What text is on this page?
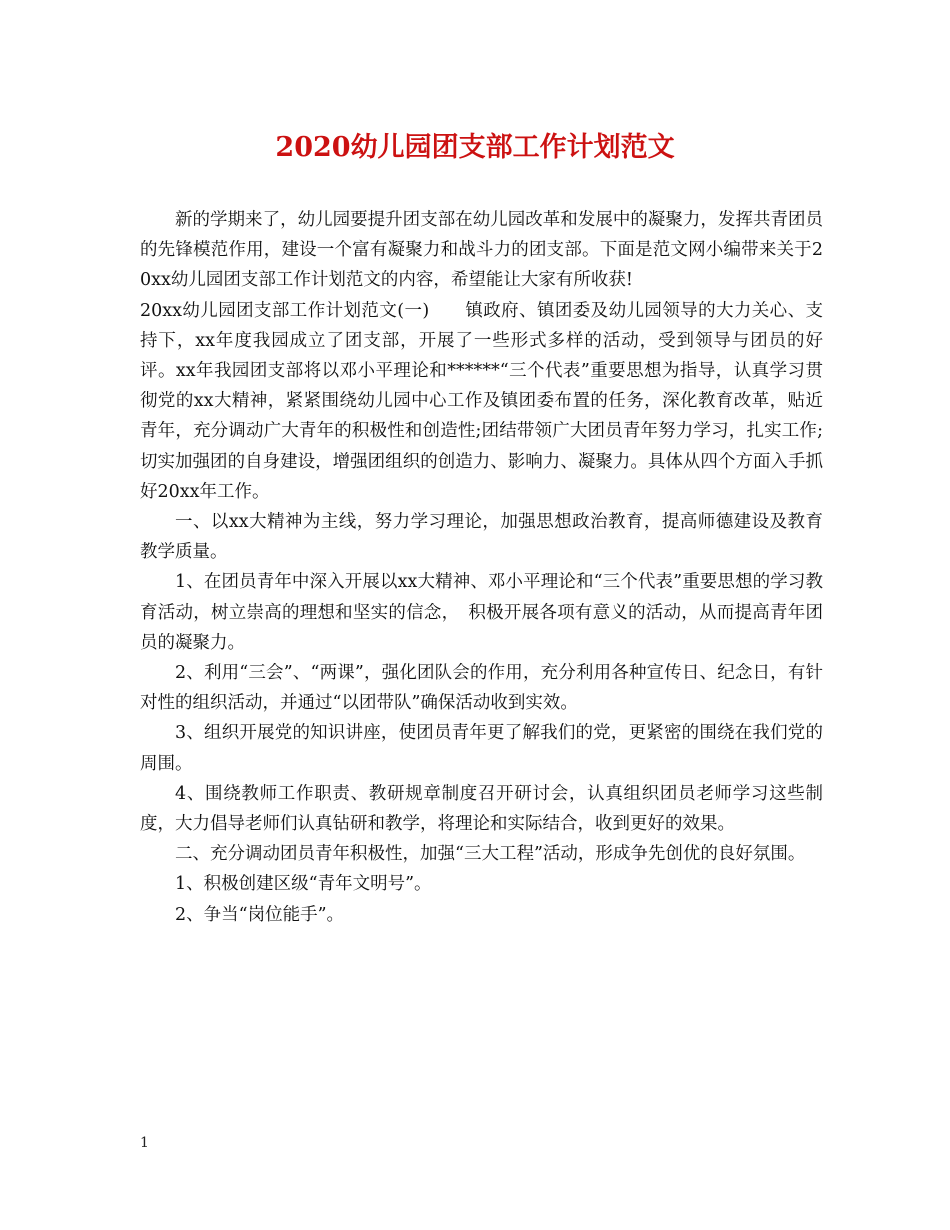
2020幼儿园团支部工作计划范文

新的学期来了，幼儿园要提升团支部在幼儿园改革和发展中的凝聚力，发挥共青团员的先锋模范作用，建设一个富有凝聚力和战斗力的团支部。下面是范文网小编带来关于20xx幼儿园团支部工作计划范文的内容，希望能让大家有所收获!

20xx幼儿园团支部工作计划范文(一)　　镇政府、镇团委及幼儿园领导的大力关心、支持下，xx年度我园成立了团支部，开展了一些形式多样的活动，受到领导与团员的好评。xx年我园团支部将以邓小平理论和******“三个代表”重要思想为指导，认真学习贯彻党的xx大精神，紧紧围绕幼儿园中心工作及镇团委布置的任务，深化教育改革，贴近青年，充分调动广大青年的积极性和创造性;团结带领广大团员青年努力学习，扎实工作;切实加强团的自身建设，增强团组织的创造力、影响力、凝聚力。具体从四个方面入手抓好20xx年工作。

一、以xx大精神为主线，努力学习理论，加强思想政治教育，提高师德建设及教育教学质量。

1、在团员青年中深入开展以xx大精神、邓小平理论和“三个代表”重要思想的学习教育活动，树立崇高的理想和坚实的信念，　积极开展各项有意义的活动，从而提高青年团员的凝聚力。

2、利用“三会”、“两课”，强化团队会的作用，充分利用各种宣传日、纪念日，有针对性的组织活动，并通过“以团带队”确保活动收到实效。

3、组织开展党的知识讲座，使团员青年更了解我们的党，更紧密的围绕在我们党的周围。

4、围绕教师工作职责、教研规章制度召开研讨会，认真组织团员老师学习这些制度，大力倡导老师们认真钻研和教学，将理论和实际结合，收到更好的效果。

二、充分调动团员青年积极性，加强“三大工程”活动，形成争先创优的良好氛围。

1、积极创建区级“青年文明号”。

2、争当“岗位能手”。

1
